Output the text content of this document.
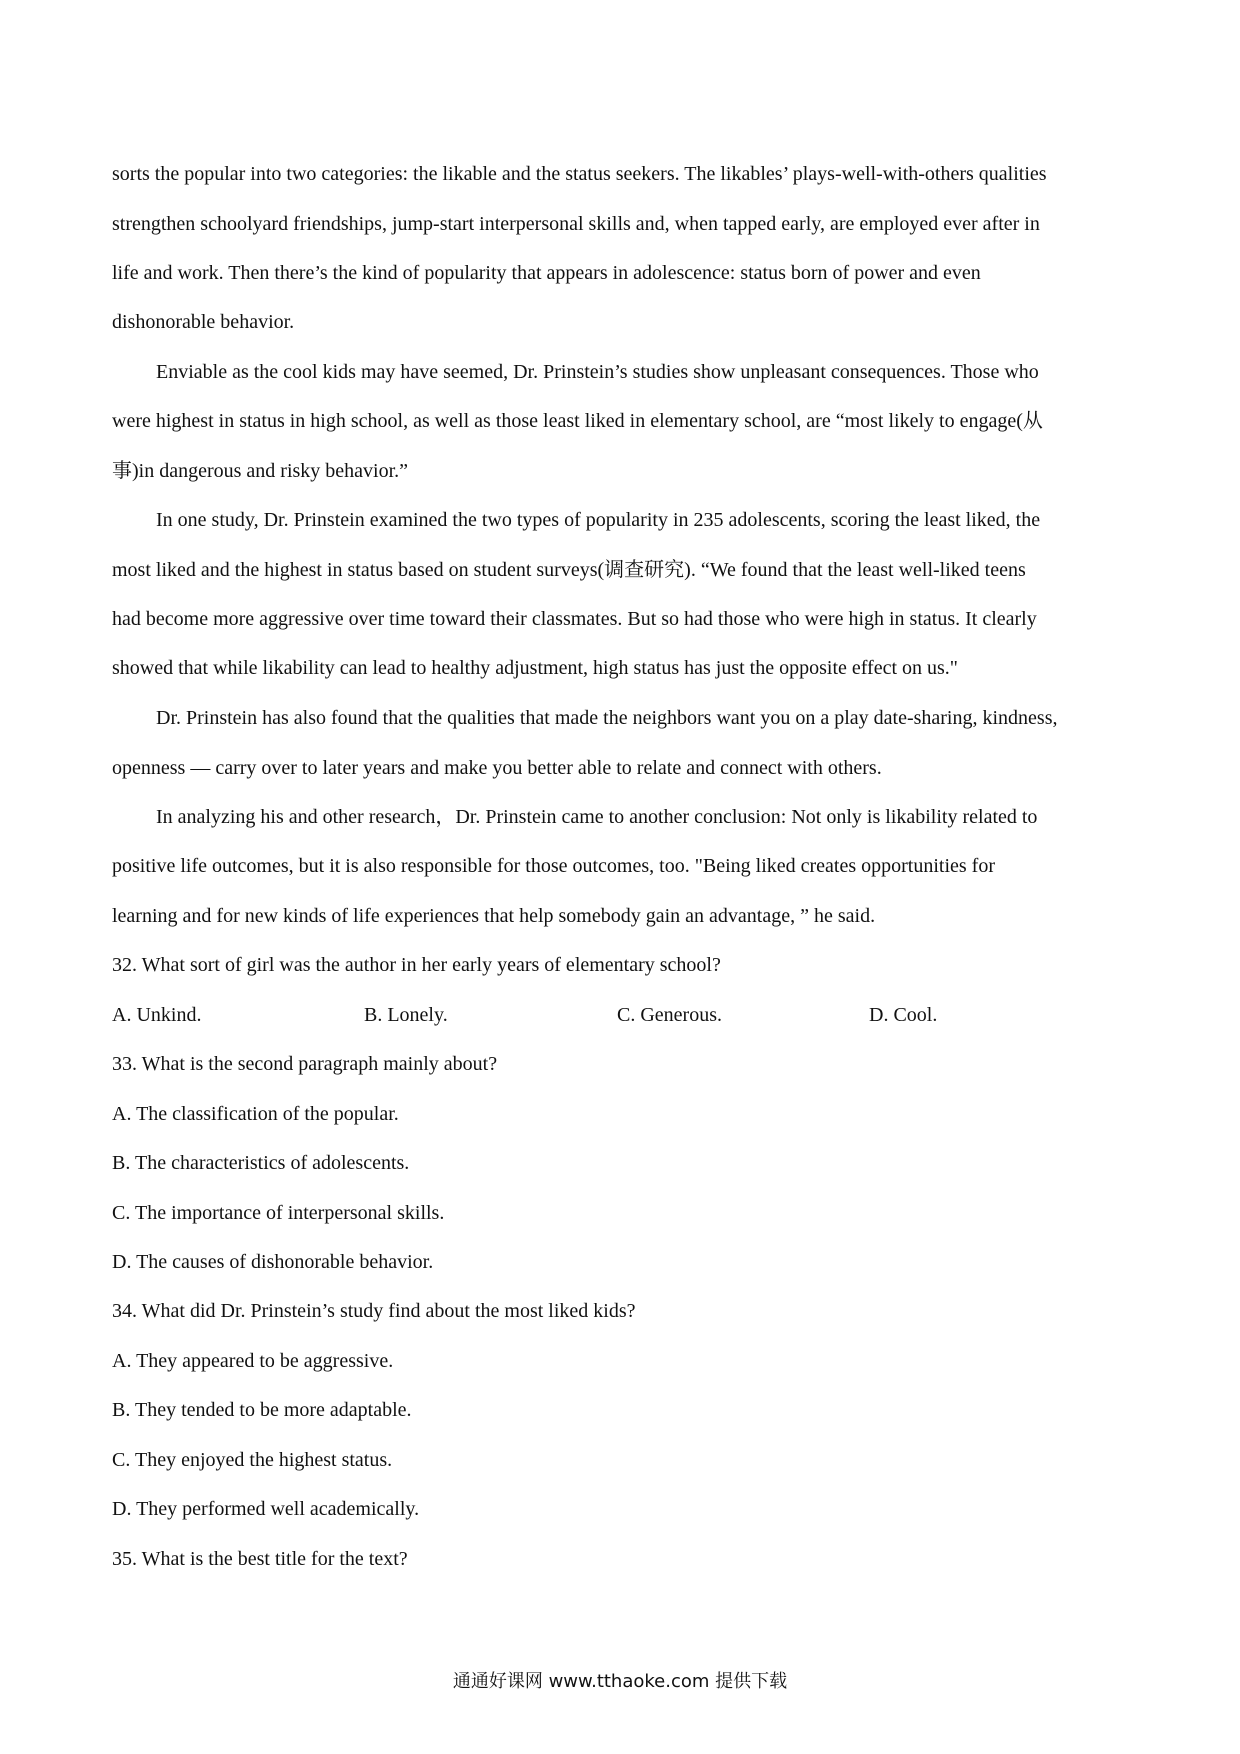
sorts the popular into two categories: the likable and the status seekers. The likables’ plays-well-with-others qualities
strengthen schoolyard friendships, jump-start interpersonal skills and, when tapped early, are employed ever after in
life and work. Then there’s the kind of popularity that appears in adolescence: status born of power and even
dishonorable behavior.
Enviable as the cool kids may have seemed, Dr. Prinstein’s studies show unpleasant consequences. Those who
were highest in status in high school, as well as those least liked in elementary school, are “most likely to engage(从
事)in dangerous and risky behavior.”
In one study, Dr. Prinstein examined the two types of popularity in 235 adolescents, scoring the least liked, the
most liked and the highest in status based on student surveys(调查研究). “We found that the least well-liked teens
had become more aggressive over time toward their classmates. But so had those who were high in status. It clearly
showed that while likability can lead to healthy adjustment, high status has just the opposite effect on us."
Dr. Prinstein has also found that the qualities that made the neighbors want you on a play date-sharing, kindness,
openness — carry over to later years and make you better able to relate and connect with others.
In analyzing his and other research，Dr. Prinstein came to another conclusion: Not only is likability related to
positive life outcomes, but it is also responsible for those outcomes, too. "Being liked creates opportunities for
learning and for new kinds of life experiences that help somebody gain an advantage, ” he said.
32. What sort of girl was the author in her early years of elementary school?
A. Unkind.	B. Lonely.	C. Generous.	D. Cool.
33. What is the second paragraph mainly about?
A. The classification of the popular.
B. The characteristics of adolescents.
C. The importance of interpersonal skills.
D. The causes of dishonorable behavior.
34. What did Dr. Prinstein’s study find about the most liked kids?
A. They appeared to be aggressive.
B. They tended to be more adaptable.
C. They enjoyed the highest status.
D. They performed well academically.
35. What is the best title for the text?
通通好课网 www.tthaoke.com 提供下载
